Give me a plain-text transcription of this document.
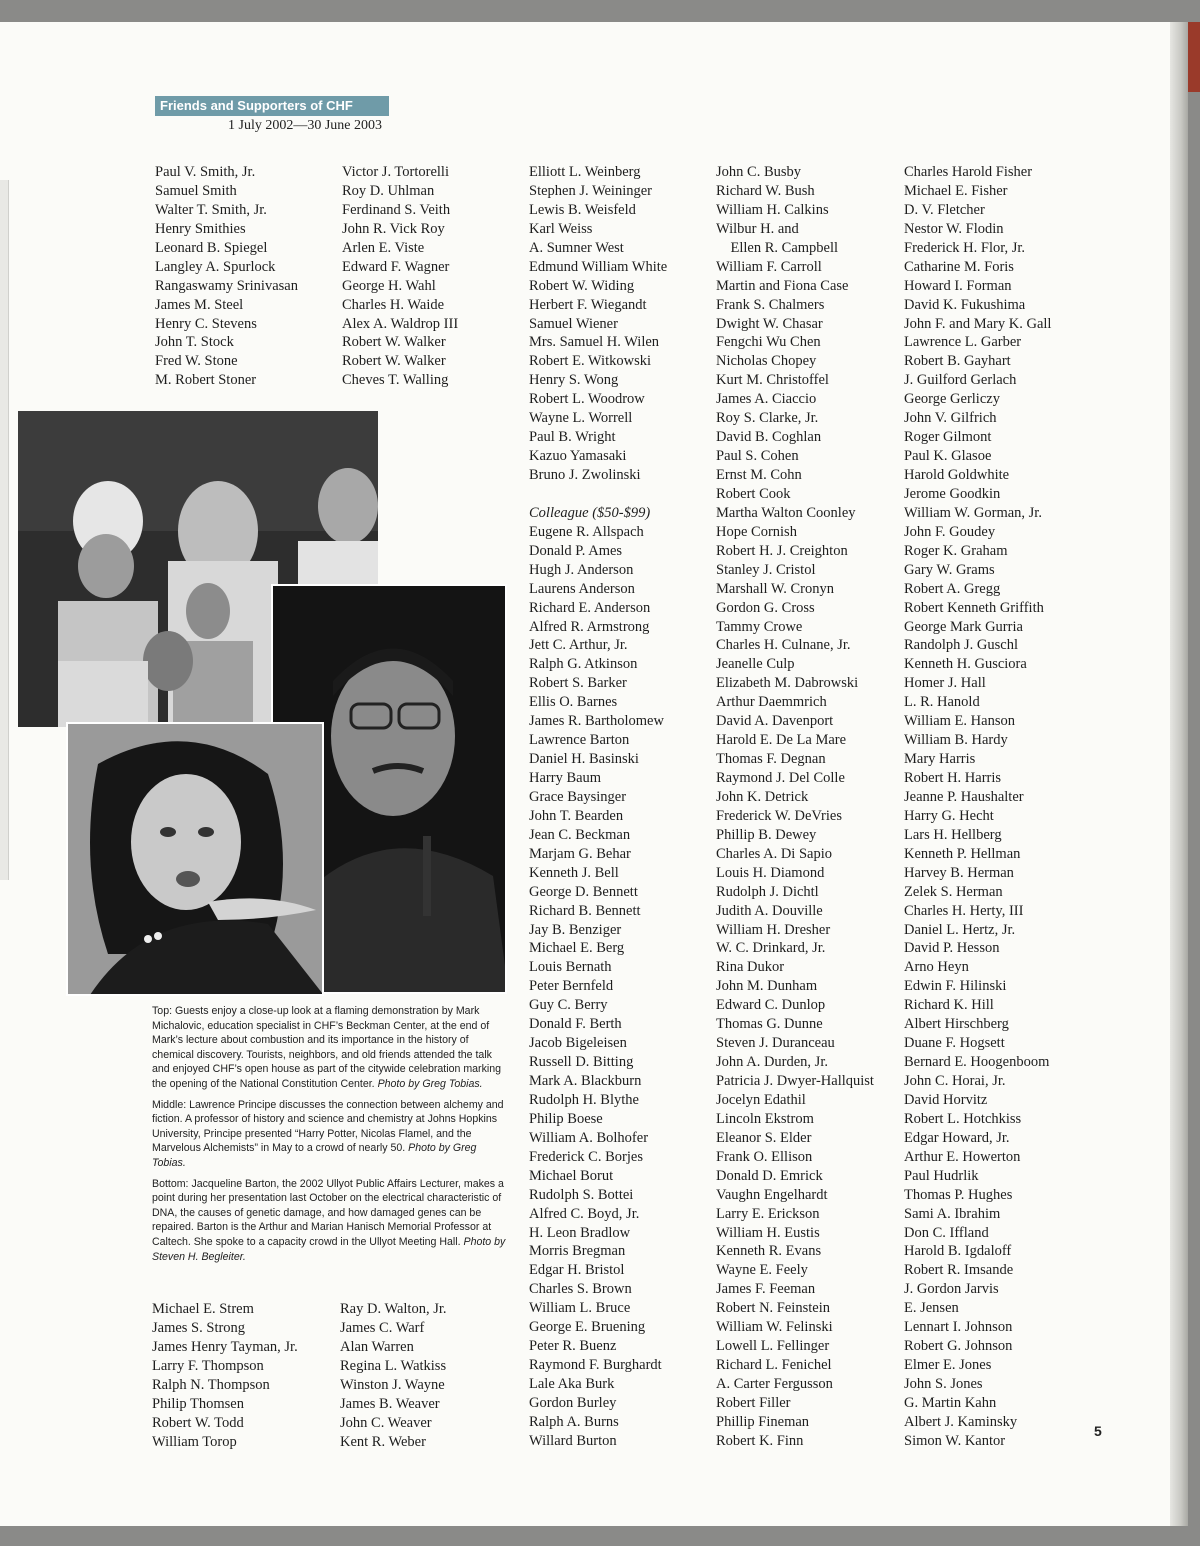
Friends and Supporters of CHF
1 July 2002—30 June 2003
Paul V. Smith, Jr.
Samuel Smith
Walter T. Smith, Jr.
Henry Smithies
Leonard B. Spiegel
Langley A. Spurlock
Rangaswamy Srinivasan
James M. Steel
Henry C. Stevens
John T. Stock
Fred W. Stone
M. Robert Stoner
Victor J. Tortorelli
Roy D. Uhlman
Ferdinand S. Veith
John R. Vick Roy
Arlen E. Viste
Edward F. Wagner
George H. Wahl
Charles H. Waide
Alex A. Waldrop III
Robert W. Walker
Robert W. Walker
Cheves T. Walling
Michael E. Strem
James S. Strong
James Henry Tayman, Jr.
Larry F. Thompson
Ralph N. Thompson
Philip Thomsen
Robert W. Todd
William Torop
Ray D. Walton, Jr.
James C. Warf
Alan Warren
Regina L. Watkiss
Winston J. Wayne
James B. Weaver
John C. Weaver
Kent R. Weber
Elliott L. Weinberg
Stephen J. Weininger
Lewis B. Weisfeld
Karl Weiss
A. Sumner West
Edmund William White
Robert W. Widing
Herbert F. Wiegandt
Samuel Wiener
Mrs. Samuel H. Wilen
Robert E. Witkowski
Henry S. Wong
Robert L. Woodrow
Wayne L. Worrell
Paul B. Wright
Kazuo Yamasaki
Bruno J. Zwolinski
Colleague ($50-$99)
Eugene R. Allspach
Donald P. Ames
Hugh J. Anderson
Laurens Anderson
Richard E. Anderson
Alfred R. Armstrong
Jett C. Arthur, Jr.
Ralph G. Atkinson
Robert S. Barker
Ellis O. Barnes
James R. Bartholomew
Lawrence Barton
Daniel H. Basinski
Harry Baum
Grace Baysinger
John T. Bearden
Jean C. Beckman
Marjam G. Behar
Kenneth J. Bell
George D. Bennett
Richard B. Bennett
Jay B. Benziger
Michael E. Berg
Louis Bernath
Peter Bernfeld
Guy C. Berry
Donald F. Berth
Jacob Bigeleisen
Russell D. Bitting
Mark A. Blackburn
Rudolph H. Blythe
Philip Boese
William A. Bolhofer
Frederick C. Borjes
Michael Borut
Rudolph S. Bottei
Alfred C. Boyd, Jr.
H. Leon Bradlow
Morris Bregman
Edgar H. Bristol
Charles S. Brown
William L. Bruce
George E. Bruening
Peter R. Buenz
Raymond F. Burghardt
Lale Aka Burk
Gordon Burley
Ralph A. Burns
Willard Burton
John C. Busby
Richard W. Bush
William H. Calkins
Wilbur H. and
Ellen R. Campbell
William F. Carroll
Martin and Fiona Case
Frank S. Chalmers
Dwight W. Chasar
Fengchi Wu Chen
Nicholas Chopey
Kurt M. Christoffel
James A. Ciaccio
Roy S. Clarke, Jr.
David B. Coghlan
Paul S. Cohen
Ernst M. Cohn
Robert Cook
Martha Walton Coonley
Hope Cornish
Robert H. J. Creighton
Stanley J. Cristol
Marshall W. Cronyn
Gordon G. Cross
Tammy Crowe
Charles H. Culnane, Jr.
Jeanelle Culp
Elizabeth M. Dabrowski
Arthur Daemmrich
David A. Davenport
Harold E. De La Mare
Thomas F. Degnan
Raymond J. Del Colle
John K. Detrick
Frederick W. DeVries
Phillip B. Dewey
Charles A. Di Sapio
Louis H. Diamond
Rudolph J. Dichtl
Judith A. Douville
William H. Dresher
W. C. Drinkard, Jr.
Rina Dukor
John M. Dunham
Edward C. Dunlop
Thomas G. Dunne
Steven J. Duranceau
John A. Durden, Jr.
Patricia J. Dwyer-Hallquist
Jocelyn Edathil
Lincoln Ekstrom
Eleanor S. Elder
Frank O. Ellison
Donald D. Emrick
Vaughn Engelhardt
Larry E. Erickson
William H. Eustis
Kenneth R. Evans
Wayne E. Feely
James F. Feeman
Robert N. Feinstein
William W. Felinski
Lowell L. Fellinger
Richard L. Fenichel
A. Carter Fergusson
Robert Filler
Phillip Fineman
Robert K. Finn
Charles Harold Fisher
Michael E. Fisher
D. V. Fletcher
Nestor W. Flodin
Frederick H. Flor, Jr.
Catharine M. Foris
Howard I. Forman
David K. Fukushima
John F. and Mary K. Gall
Lawrence L. Garber
Robert B. Gayhart
J. Guilford Gerlach
George Gerliczy
John V. Gilfrich
Roger Gilmont
Paul K. Glasoe
Harold Goldwhite
Jerome Goodkin
William W. Gorman, Jr.
John F. Goudey
Roger K. Graham
Gary W. Grams
Robert A. Gregg
Robert Kenneth Griffith
George Mark Gurria
Randolph J. Guschl
Kenneth H. Gusciora
Homer J. Hall
L. R. Hanold
William E. Hanson
William B. Hardy
Mary Harris
Robert H. Harris
Jeanne P. Haushalter
Harry G. Hecht
Lars H. Hellberg
Kenneth P. Hellman
Harvey B. Herman
Zelek S. Herman
Charles H. Herty, III
Daniel L. Hertz, Jr.
David P. Hesson
Arno Heyn
Edwin F. Hilinski
Richard K. Hill
Albert Hirschberg
Duane F. Hogsett
Bernard E. Hoogenboom
John C. Horai, Jr.
David Horvitz
Robert L. Hotchkiss
Edgar Howard, Jr.
Arthur E. Howerton
Paul Hudrlik
Thomas P. Hughes
Sami A. Ibrahim
Don C. Iffland
Harold B. Igdaloff
Robert R. Imsande
J. Gordon Jarvis
E. Jensen
Lennart I. Johnson
Robert G. Johnson
Elmer E. Jones
John S. Jones
G. Martin Kahn
Albert J. Kaminsky
Simon W. Kantor

Top: Guests enjoy a close-up look at a flaming demonstration by Mark Michalovic, education specialist in CHF’s Beckman Center, at the end of Mark’s lecture about combustion and its importance in the history of chemical discovery. Tourists, neighbors, and old friends attended the talk and enjoyed CHF’s open house as part of the citywide celebration marking the opening of the National Constitution Center. Photo by Greg Tobias.

Middle: Lawrence Principe discusses the connection between alchemy and fiction. A professor of history and science and chemistry at Johns Hopkins University, Principe presented “Harry Potter, Nicolas Flamel, and the Marvelous Alchemists” in May to a crowd of nearly 50. Photo by Greg Tobias.

Bottom: Jacqueline Barton, the 2002 Ullyot Public Affairs Lecturer, makes a point during her presentation last October on the electrical characteristic of DNA, the causes of genetic damage, and how damaged genes can be repaired. Barton is the Arthur and Marian Hanisch Memorial Professor at Caltech. She spoke to a capacity crowd in the Ullyot Meeting Hall. Photo by Steven H. Begleiter.

5
